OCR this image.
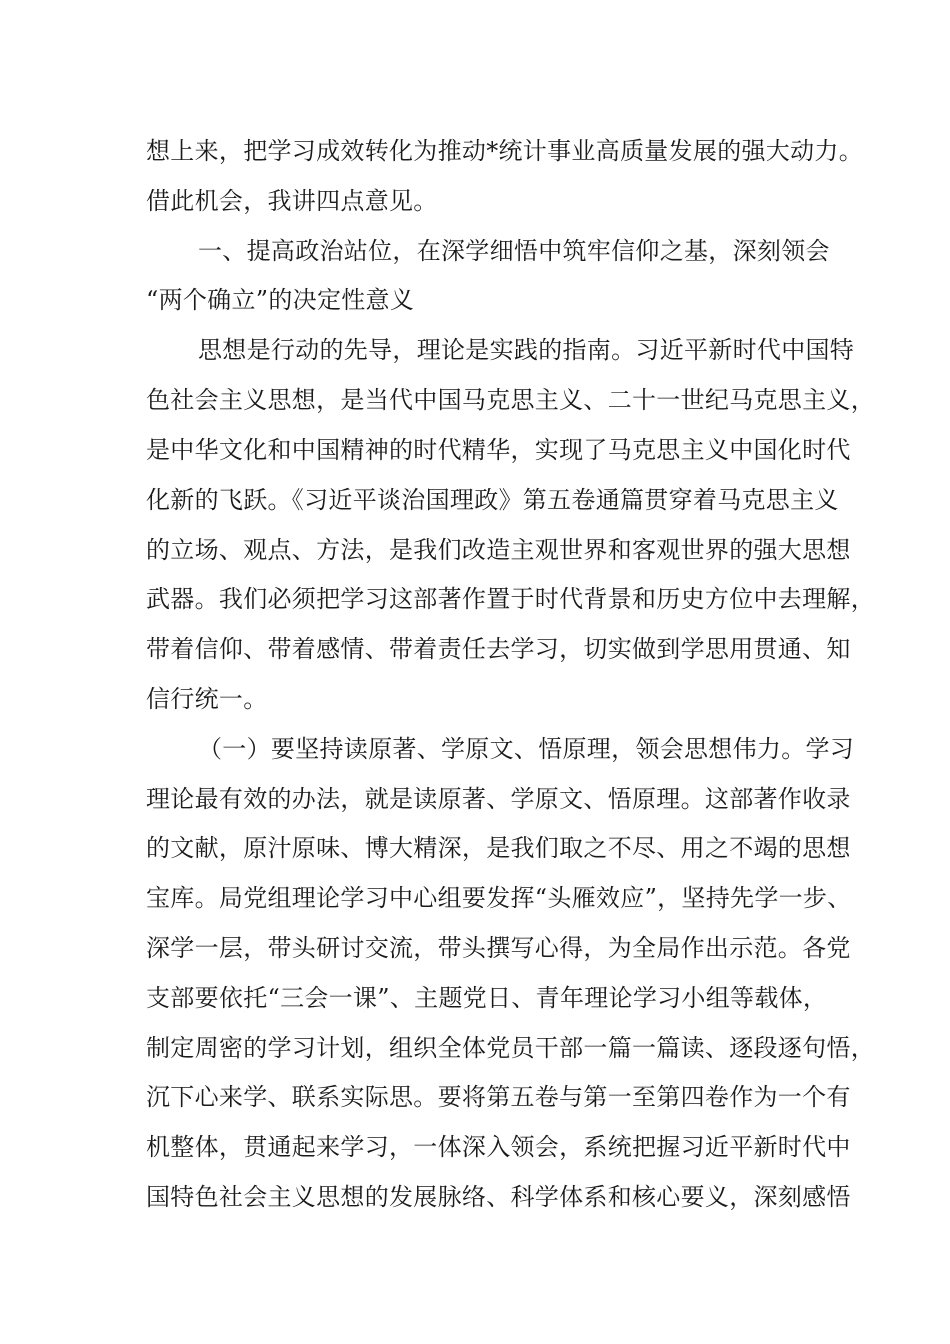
想上来，把学习成效转化为推动*统计事业高质量发展的强大动力。
借此机会，我讲四点意见。
一、提高政治站位，在深学细悟中筑牢信仰之基，深刻领会
“两个确立”的决定性意义
思想是行动的先导，理论是实践的指南。习近平新时代中国特
色社会主义思想，是当代中国马克思主义、二十一世纪马克思主义，
是中华文化和中国精神的时代精华，实现了马克思主义中国化时代
化新的飞跃。《习近平谈治国理政》第五卷通篇贯穿着马克思主义
的立场、观点、方法，是我们改造主观世界和客观世界的强大思想
武器。我们必须把学习这部著作置于时代背景和历史方位中去理解，
带着信仰、带着感情、带着责任去学习，切实做到学思用贯通、知
信行统一。
（一）要坚持读原著、学原文、悟原理，领会思想伟力。学习
理论最有效的办法，就是读原著、学原文、悟原理。这部著作收录
的文献，原汁原味、博大精深，是我们取之不尽、用之不竭的思想
宝库。局党组理论学习中心组要发挥“头雁效应”，坚持先学一步、
深学一层，带头研讨交流，带头撰写心得，为全局作出示范。各党
支部要依托“三会一课”、主题党日、青年理论学习小组等载体，
制定周密的学习计划，组织全体党员干部一篇一篇读、逐段逐句悟，
沉下心来学、联系实际思。要将第五卷与第一至第四卷作为一个有
机整体，贯通起来学习，一体深入领会，系统把握习近平新时代中
国特色社会主义思想的发展脉络、科学体系和核心要义，深刻感悟
